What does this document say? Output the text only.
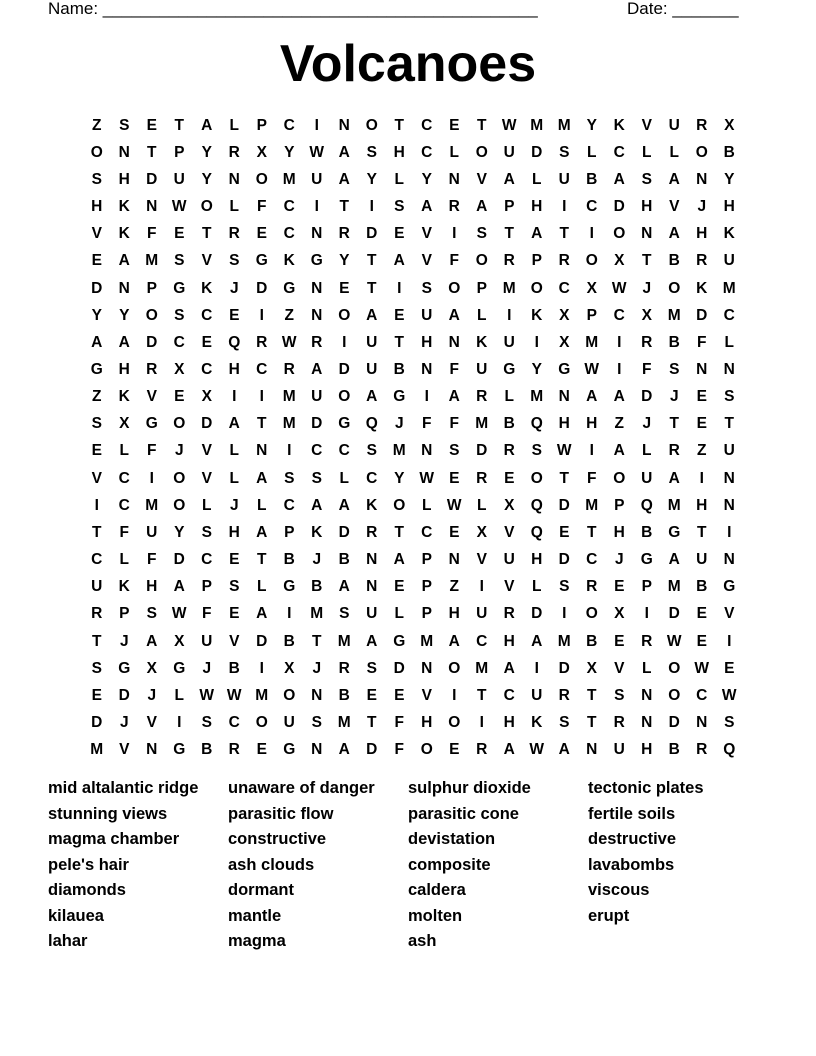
Name: ______________________________________________	Date: _______
Volcanoes
Z	S	E	T	A	L	P	C	I	N	O	T	C	E	T W M M	Y	K	V	U	R	X
O	N	T	P	Y	R	X	Y W A	S	H	C	L	O	U	D	S	L	C	L	L	O	B
S	H	D	U	Y	N	O M U	A	Y	L	Y	N	V	A	L	U	B	A	S	A	N	Y
H	K	N W O	L	F	C	I	T	I	S	A	R	A	P	H	I	C	D	H	V	J	H
V	K	F	E	T	R	E	C	N	R	D	E	V	I	S	T	A	T	I	O	N	A	H	K
E	A M	S	V	S	G	K	G	Y	T	A	V	F	O	R	P	R	O	X	T	B	R	U
D	N	P	G	K	J	D	G	N	E	T	I	S	O	P	M O	C	X W	J	O	K M
Y	Y	O	S	C	E	I	Z	N	O	A	E	U	A	L	I	K	X	P	C	X	M D	C
A	A	D	C	E	Q	R W R	I	U	T	H	N	K	U	I	X	M	I	R	B	F	L
G	H	R	X	C	H	C	R	A	D	U	B	N	F	U	G	Y	G W	I	F	S	N	N
Z	K	V	E	X	I	I	M U	O	A	G	I	A	R	L	M N	A	A	D	J	E	S
S	X	G O	D	A	T	M D	G Q	J	F	F	M B	Q	H	H	Z	J	T	E	T
E	L	F	J	V	L	N	I	C	C	S	M N	S	D	R	S W	I	A	L	R	Z	U
V	C	I	O	V	L	A	S	S	L	C	Y W E	R	E	O	T	F	O	U	A	I	N
I	C M O	L	J	L	C	A	A	K	O	L W L	X	Q	D M	P	Q M H	N
T	F	U	Y	S	H	A	P	K	D	R	T	C	E	X	V	Q	E	T	H	B	G	T	I
C	L	F	D	C	E	T	B	J	B	N	A	P	N	V	U	H	D	C	J	G	A	U	N
U	K	H	A	P	S	L	G	B	A	N	E	P	Z	I	V	L	S	R	E	P	M B	G
R	P	S W F	E	A	I	M	S	U	L	P	H	U	R	D	I	O	X	I	D	E	V
T	J	A	X	U	V	D	B	T	M A	G M A	C	H	A M B	E	R W E	I
S	G	X	G	J	B	I	X	J	R	S	D	N	O M A	I	D	X	V	L	O W E
E	D	J	L W W M O	N	B	E	E	V	I	T	C	U	R	T	S	N	O	C W
D	J	V	I	S	C	O	U	S	M	T	F	H	O	I	H	K	S	T	R	N	D	N	S
M	V	N	G	B	R	E	G	N	A	D	F	O	E	R	A W A	N	U	H	B	R	Q
mid altalantic ridge	unaware of danger	sulphur dioxide	tectonic plates
stunning views	parasitic flow	parasitic cone	fertile soils
magma chamber	constructive	devistation	destructive
pele's hair	ash clouds	composite	lavabombs
diamonds	dormant	caldera	viscous
kilauea	mantle	molten	erupt
lahar	magma	ash
